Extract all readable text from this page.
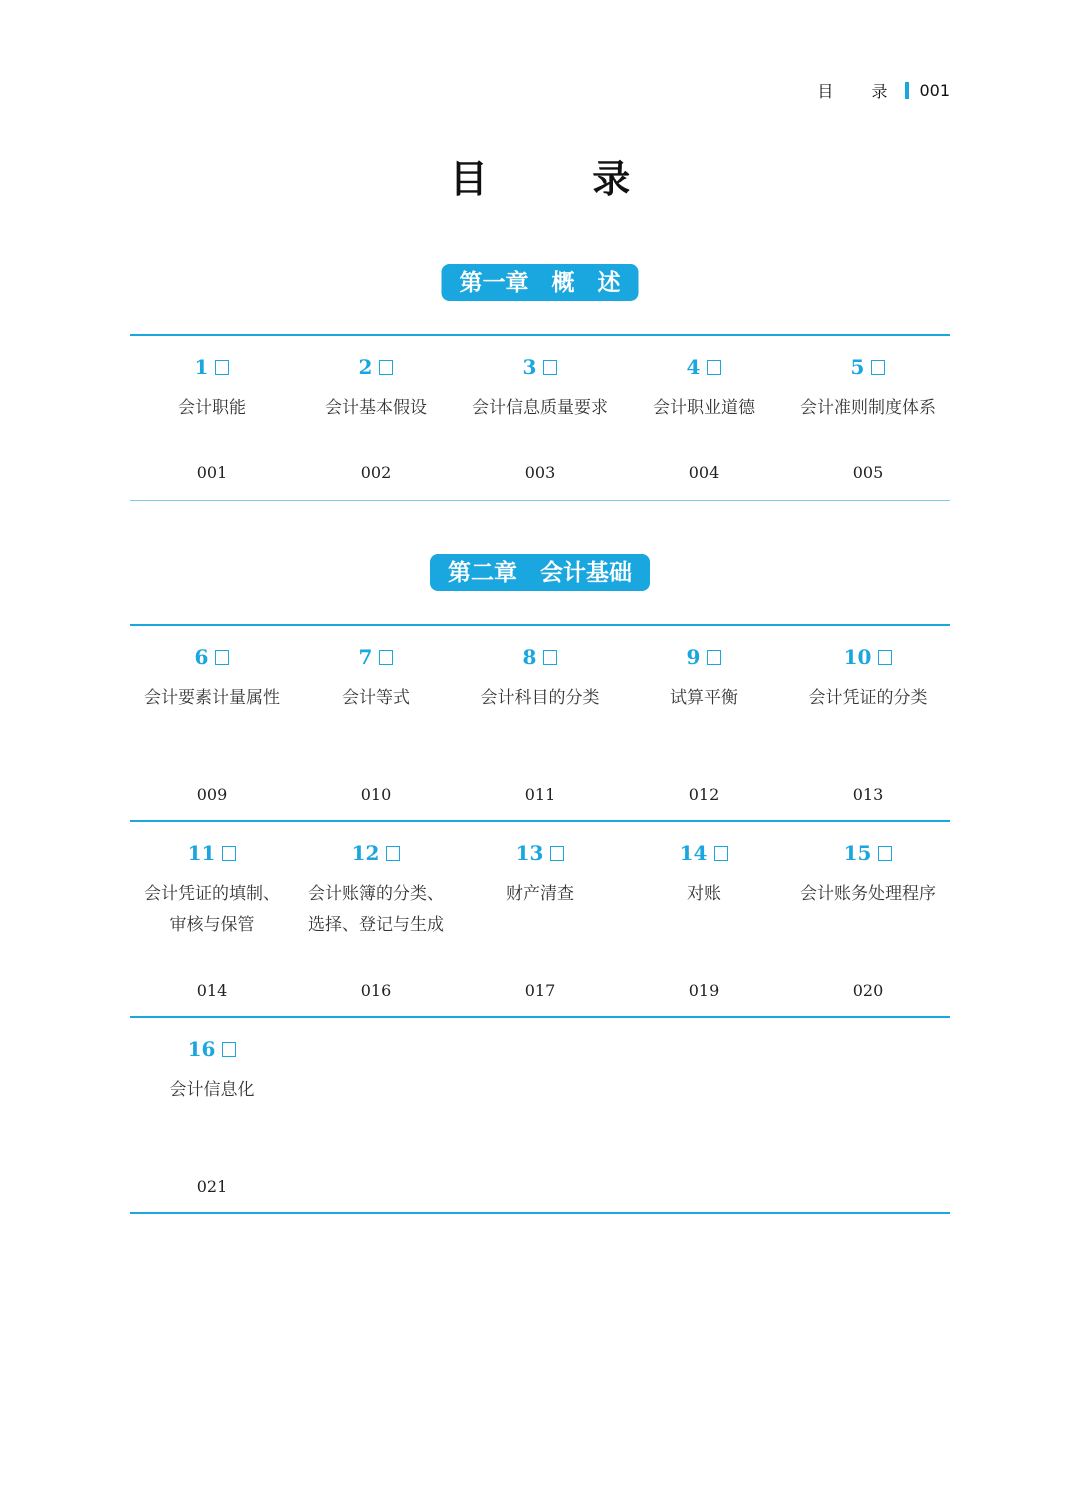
目 录 001
目	录
第一章　概　述
1
会计职能
001
2
会计基本假设
002
3
会计信息质量要求
003
4
会计职业道德
004
5
会计准则制度体系
005
第二章　会计基础
6
会计要素计量属性
009
7
会计等式
010
8
会计科目的分类
011
9
试算平衡
012
10
会计凭证的分类
013
11
会计凭证的填制、
审核与保管
014
12
会计账簿的分类、
选择、登记与生成
016
13
财产清查
017
14
对账
019
15
会计账务处理程序
020
16
会计信息化
021
